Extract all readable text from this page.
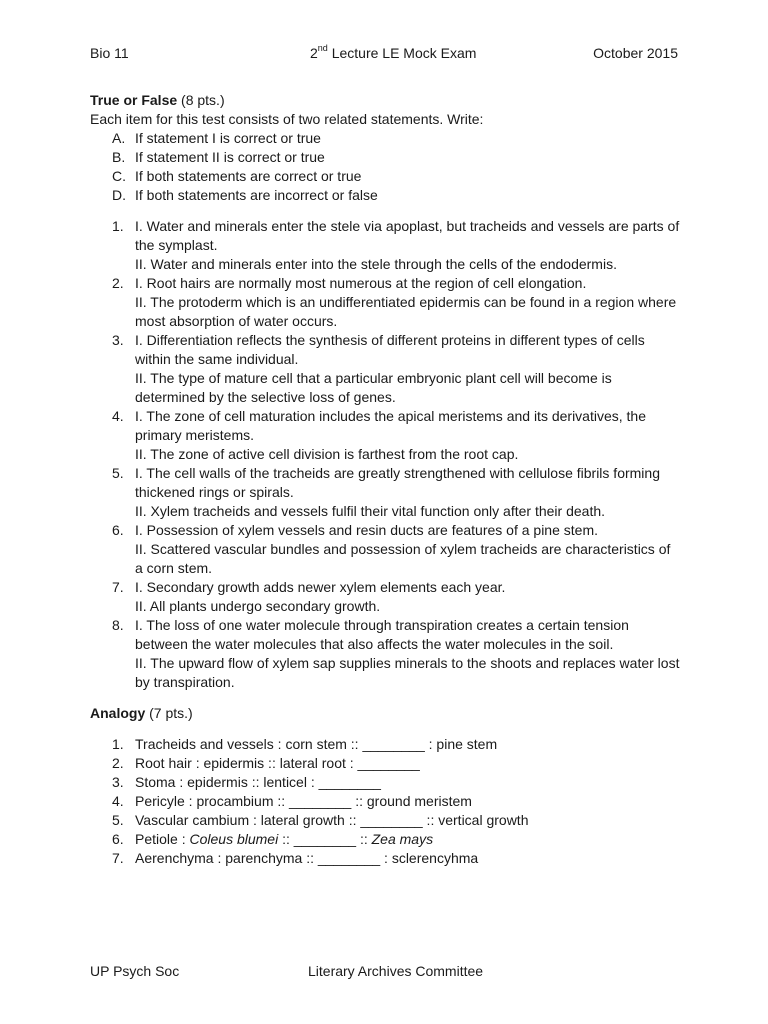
Bio 11	2nd Lecture LE Mock Exam	October 2015

True or False (8 pts.)

Each item for this test consists of two related statements. Write:

A. If statement I is correct or true
B. If statement II is correct or true
C. If both statements are correct or true
D. If both statements are incorrect or false
1. I. Water and minerals enter the stele via apoplast, but tracheids and vessels are parts of the symplast.
II. Water and minerals enter into the stele through the cells of the endodermis.
2. I. Root hairs are normally most numerous at the region of cell elongation.
II. The protoderm which is an undifferentiated epidermis can be found in a region where most absorption of water occurs.
3. I. Differentiation reflects the synthesis of different proteins in different types of cells within the same individual.
II. The type of mature cell that a particular embryonic plant cell will become is determined by the selective loss of genes.
4. I. The zone of cell maturation includes the apical meristems and its derivatives, the primary meristems.
II. The zone of active cell division is farthest from the root cap.
5. I. The cell walls of the tracheids are greatly strengthened with cellulose fibrils forming thickened rings or spirals.
II. Xylem tracheids and vessels fulfil their vital function only after their death.
6. I. Possession of xylem vessels and resin ducts are features of a pine stem.
II. Scattered vascular bundles and possession of xylem tracheids are characteristics of a corn stem.
7. I. Secondary growth adds newer xylem elements each year.
II. All plants undergo secondary growth.
8. I. The loss of one water molecule through transpiration creates a certain tension between the water molecules that also affects the water molecules in the soil.
II. The upward flow of xylem sap supplies minerals to the shoots and replaces water lost by transpiration.

Analogy (7 pts.)

1. Tracheids and vessels : corn stem :: ________ : pine stem
2. Root hair : epidermis :: lateral root : ________
3. Stoma : epidermis :: lenticel : ________
4. Pericyle : procambium :: ________ :: ground meristem
5. Vascular cambium : lateral growth :: ________ :: vertical growth
6. Petiole : Coleus blumei :: ________ :: Zea mays
7. Aerenchyma : parenchyma :: ________ : sclerencyhma
UP Psych Soc	Literary Archives Committee
